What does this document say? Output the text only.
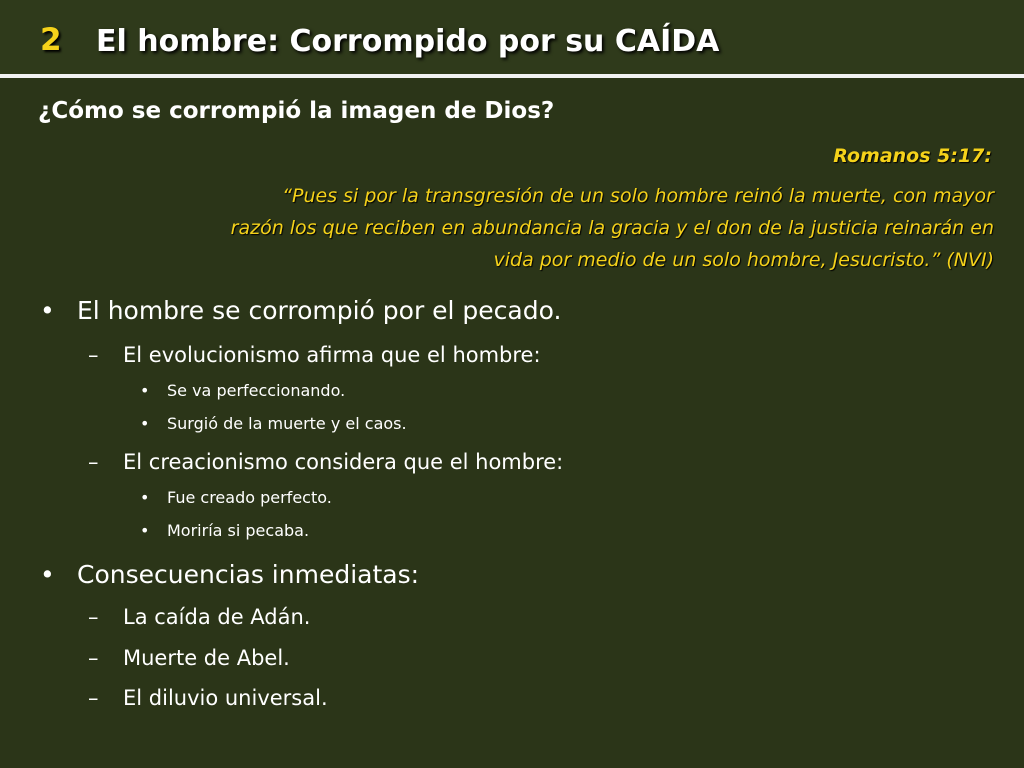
2 El hombre: Corrompido por su CAÍDA
¿Cómo se corrompió la imagen de Dios?
Romanos 5:17:
“Pues si por la transgresión de un solo hombre reinó la muerte, con mayor
razón los que reciben en abundancia la gracia y el don de la justicia reinarán en
vida por medio de un solo hombre, Jesucristo.” (NVI)
• El hombre se corrompió por el pecado.
– El evolucionismo afirma que el hombre:
• Se va perfeccionando.
• Surgió de la muerte y el caos.
– El creacionismo considera que el hombre:
• Fue creado perfecto.
• Moriría si pecaba.
• Consecuencias inmediatas:
– La caída de Adán.
– Muerte de Abel.
– El diluvio universal.
